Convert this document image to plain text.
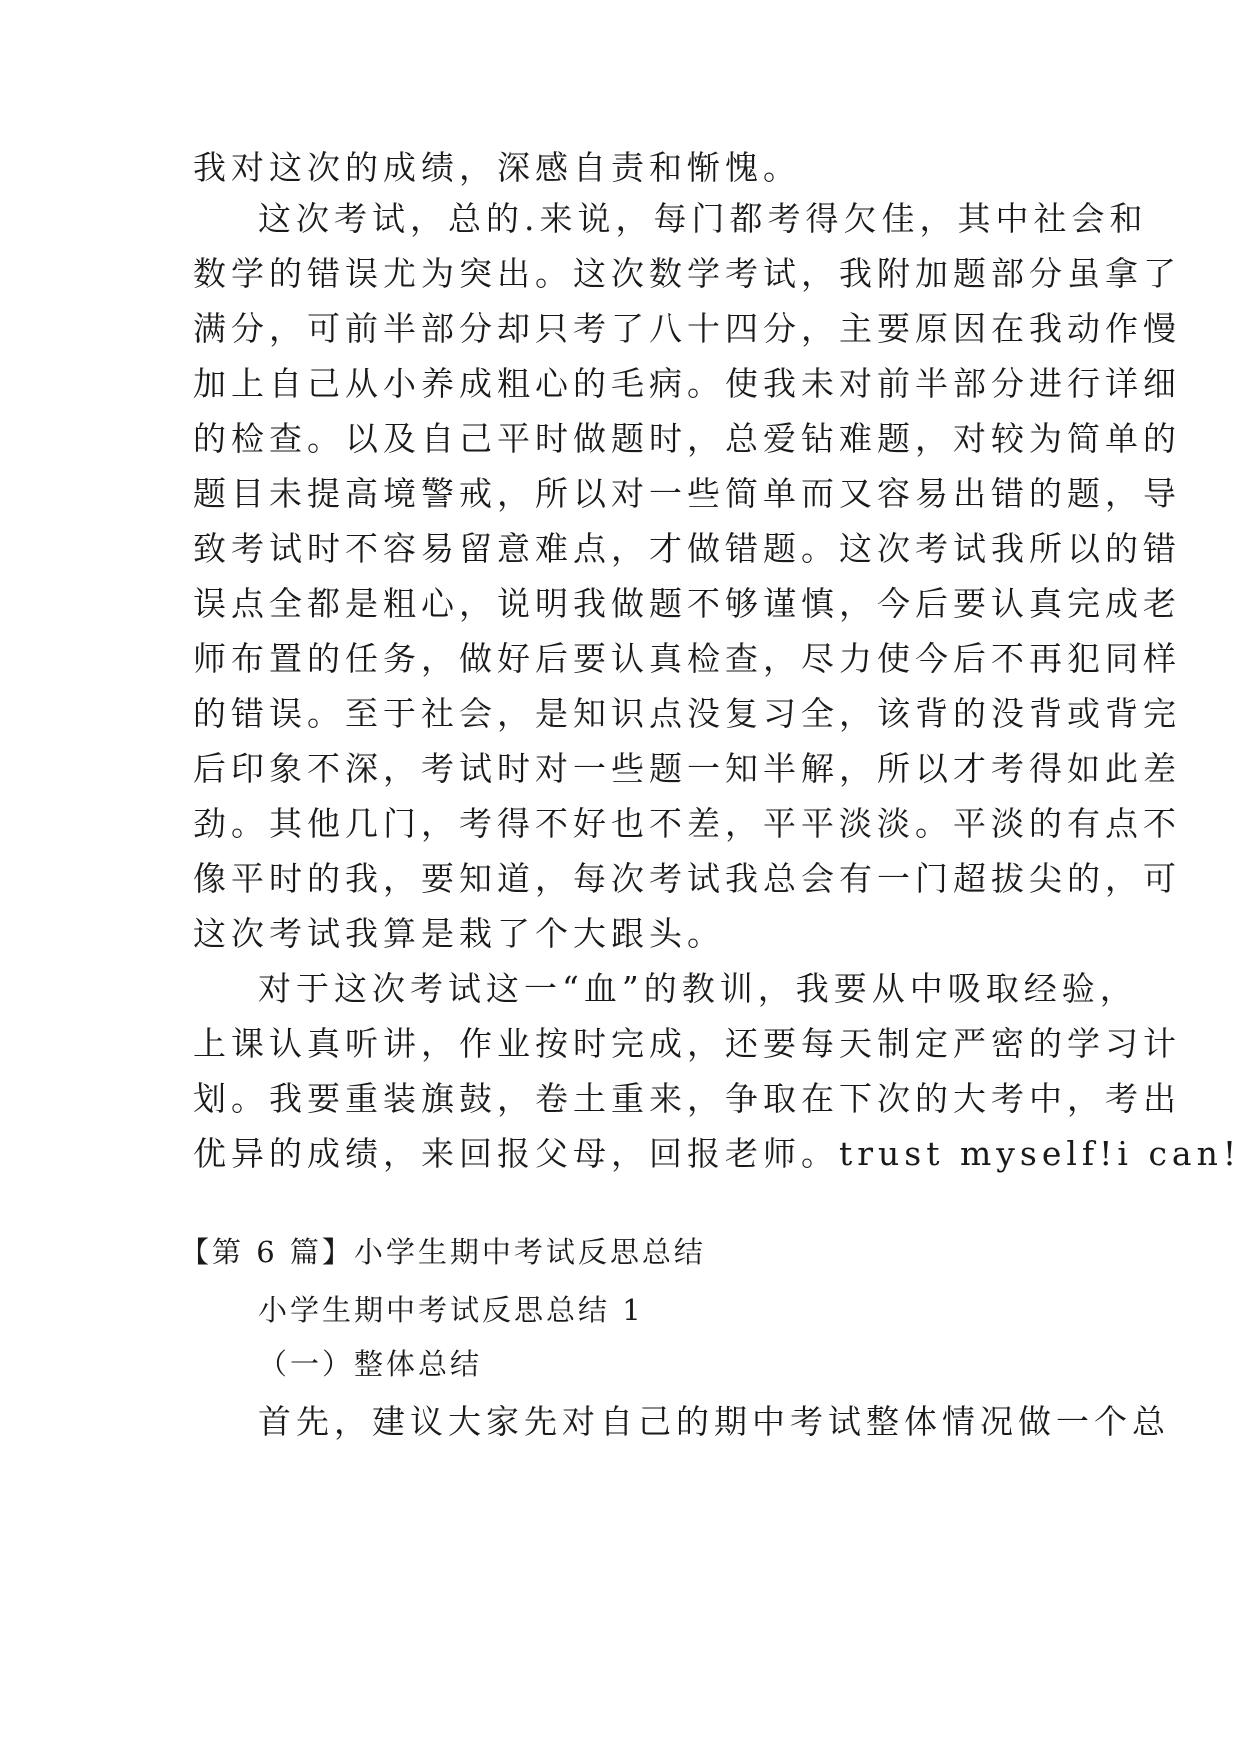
我对这次的成绩，深感自责和惭愧。
这次考试，总的.来说，每门都考得欠佳，其中社会和
数学的错误尤为突出。这次数学考试，我附加题部分虽拿了
满分，可前半部分却只考了八十四分，主要原因在我动作慢
加上自己从小养成粗心的毛病。使我未对前半部分进行详细
的检查。以及自己平时做题时，总爱钻难题，对较为简单的
题目未提高境警戒，所以对一些简单而又容易出错的题，导
致考试时不容易留意难点，才做错题。这次考试我所以的错
误点全都是粗心，说明我做题不够谨慎，今后要认真完成老
师布置的任务，做好后要认真检查，尽力使今后不再犯同样
的错误。至于社会，是知识点没复习全，该背的没背或背完
后印象不深，考试时对一些题一知半解，所以才考得如此差
劲。其他几门，考得不好也不差，平平淡淡。平淡的有点不
像平时的我，要知道，每次考试我总会有一门超拔尖的，可
这次考试我算是栽了个大跟头。
对于这次考试这一“血”的教训，我要从中吸取经验，
上课认真听讲，作业按时完成，还要每天制定严密的学习计
划。我要重装旗鼓，卷土重来，争取在下次的大考中，考出
优异的成绩，来回报父母，回报老师。trust myself!i can!
【第 6 篇】小学生期中考试反思总结
小学生期中考试反思总结 1
（一）整体总结
首先，建议大家先对自己的期中考试整体情况做一个总
